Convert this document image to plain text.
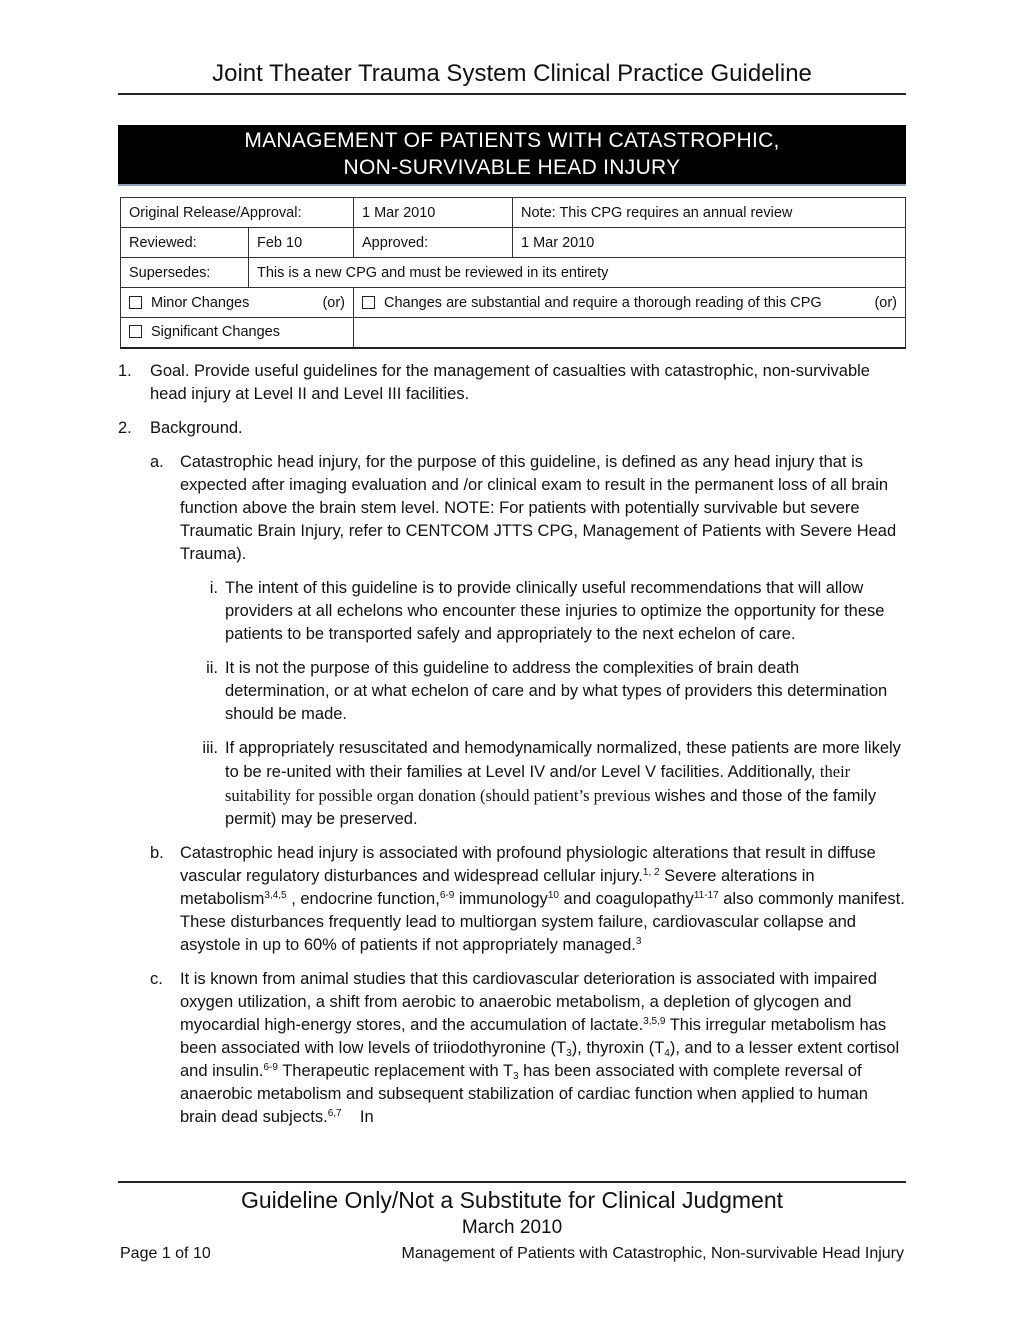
Joint Theater Trauma System Clinical Practice Guideline
MANAGEMENT OF PATIENTS WITH CATASTROPHIC,
NON-SURVIVABLE HEAD INJURY
Original Release/Approval:		1 Mar 2010	Note: This CPG requires an annual review
Reviewed:	Feb 10	Approved:	1 Mar 2010
Supersedes:	This is a new CPG and must be reviewed in its entirety		
Minor Changes (or)		Changes are substantial and require a thorough reading of this CPG (or)	

Significant Changes			
1. Goal. Provide useful guidelines for the management of casualties with catastrophic, non-survivable head injury at Level II and Level III facilities.
2. Background.
a. Catastrophic head injury, for the purpose of this guideline, is defined as any head injury that is expected after imaging evaluation and /or clinical exam to result in the permanent loss of all brain function above the brain stem level. NOTE: For patients with potentially survivable but severe Traumatic Brain Injury, refer to CENTCOM JTTS CPG, Management of Patients with Severe Head Trauma).
i. The intent of this guideline is to provide clinically useful recommendations that will allow providers at all echelons who encounter these injuries to optimize the opportunity for these patients to be transported safely and appropriately to the next echelon of care.
ii. It is not the purpose of this guideline to address the complexities of brain death determination, or at what echelon of care and by what types of providers this determination should be made.
iii. If appropriately resuscitated and hemodynamically normalized, these patients are more likely to be re-united with their families at Level IV and/or Level V facilities. Additionally, their suitability for possible organ donation (should patient’s previous wishes and those of the family permit) may be preserved.
b. Catastrophic head injury is associated with profound physiologic alterations that result in diffuse vascular regulatory disturbances and widespread cellular injury.$^{1, 2}$ Severe alterations in metabolism$^{3,4,5}$ , endocrine function,$^{6-9}$ immunology$^{10}$ and coagulopathy$^{11-17}$ also commonly manifest. These disturbances frequently lead to multiorgan system failure, cardiovascular collapse and asystole in up to 60% of patients if not appropriately managed.$^3$
c. It is known from animal studies that this cardiovascular deterioration is associated with impaired oxygen utilization, a shift from aerobic to anaerobic metabolism, a depletion of glycogen and myocardial high-energy stores, and the accumulation of lactate.$^{3,5,9}$ This irregular metabolism has been associated with low levels of triiodothyronine $(T_3)$, thyroxin $(T_4)$, and to a lesser extent cortisol and insulin.$^{6-9}$ Therapeutic replacement with $T_3$ has been associated with complete reversal of anaerobic metabolism and subsequent stabilization of cardiac function when applied to human brain dead subjects.$^{6,7}$    In
Guideline Only/Not a Substitute for Clinical Judgment
March 2010
Page 1 of 10	Management of Patients with Catastrophic, Non-survivable Head Injury
